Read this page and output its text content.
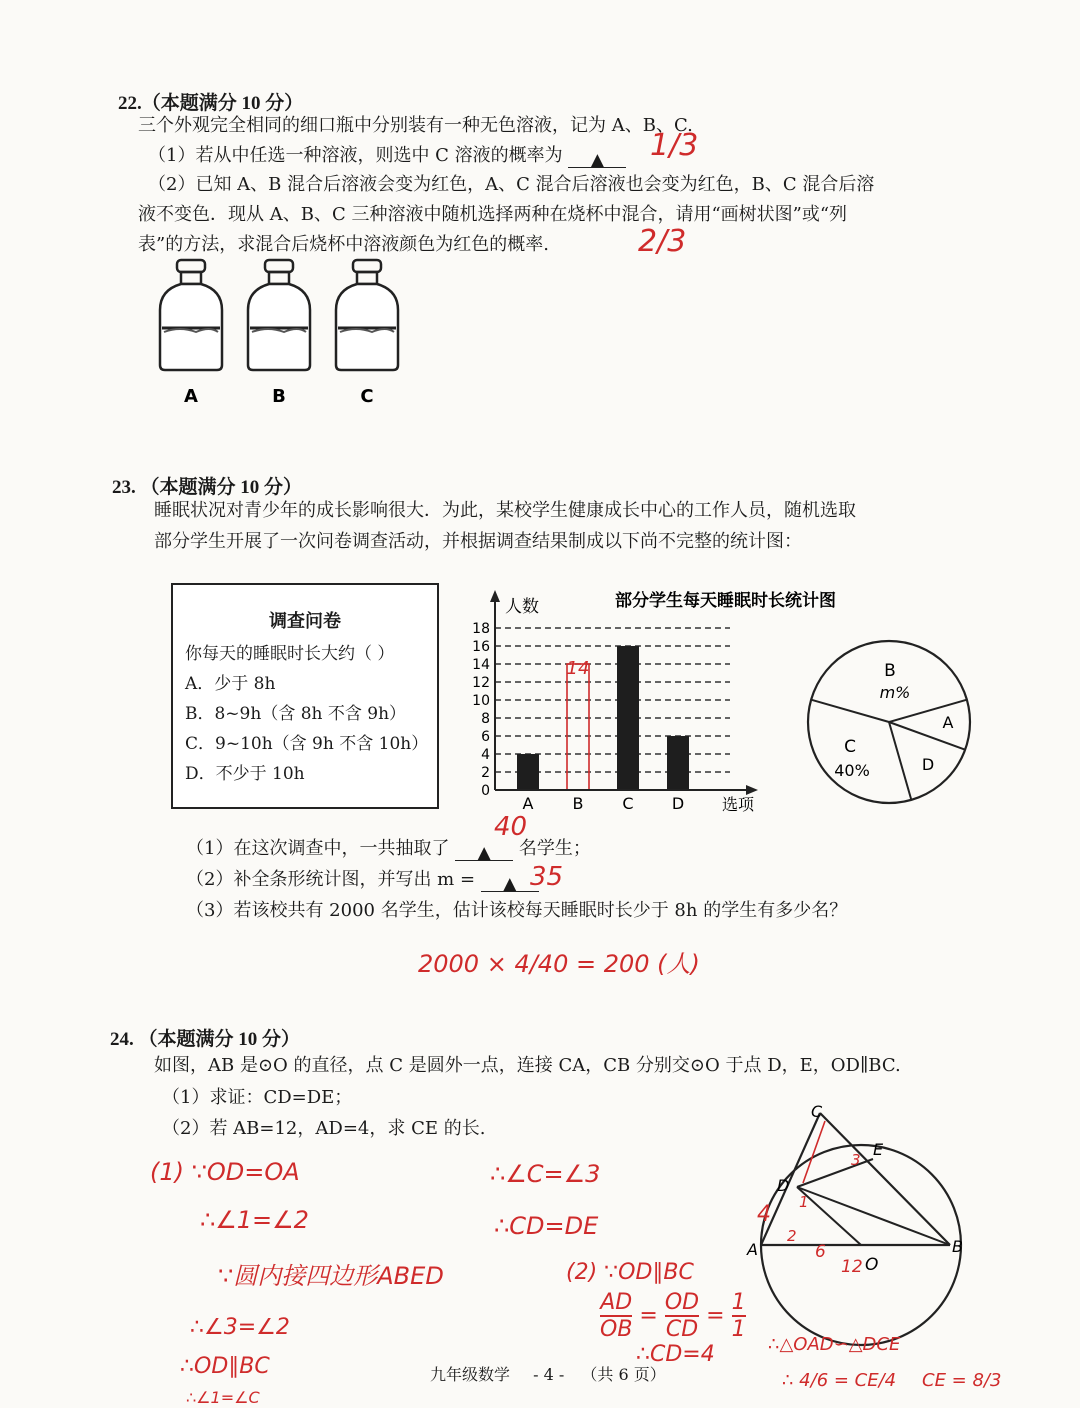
22.（本题满分 10 分）
三个外观完全相同的细口瓶中分别装有一种无色溶液，记为 A、B、C.
（1）若从中任选一种溶液，则选中 C 溶液的概率为 ▲	1/3
（2）已知 A、B 混合后溶液会变为红色，A、C 混合后溶液也会变为红色，B、C 混合后溶
液不变色．现从 A、B、C 三种溶液中随机选择两种在烧杯中混合，请用“画树状图”或“列
表”的方法，求混合后烧杯中溶液颜色为红色的概率.	2/3
A	B	C
23. （本题满分 10 分）
睡眠状况对青少年的成长影响很大．为此，某校学生健康成长中心的工作人员，随机选取
部分学生开展了一次问卷调查活动，并根据调查结果制成以下尚不完整的统计图：
调查问卷
你每天的睡眠时长大约（ ）
A．少于 8h
B．8~9h（含 8h 不含 9h）
C．9~10h（含 9h 不含 10h）
D．不少于 10h
部分学生每天睡眠时长统计图
人数
选项
14
0
2
4
6
8
10
12
14
16
18
A B C D
B
m%
A
C
40%	D
（1）在这次调查中，一共抽取了 ▲ 名学生；
40
（2）补全条形统计图，并写出 m = ▲ 35
（3）若该校共有 2000 名学生，估计该校每天睡眠时长少于 8h 的学生有多少名？
2000 × 4/40 = 200 (人)
24. （本题满分 10 分）
如图，AB 是⊙O 的直径，点 C 是圆外一点，连接 CA，CB 分别交⊙O 于点 D，E，OD∥BC.
（1）求证：CD=DE；
（2）若 AB=12，AD=4，求 CE 的长.
C
E
D
A	B
O
3
1
2
4
6
12
(1) ∵OD=OA
∴∠1=∠2
∵圆内接四边形ABED
∴∠3=∠2
∴OD∥BC
∴∠1=∠C
∴∠C=∠3
∴CD=DE
(2) ∵OD∥BC
$\frac{AD}{OB} = \frac{OD}{CD} = \frac{1}{1}$
∴CD=4	∴△OAD∽△DCE
∴ 4/6 = CE/4 CE = 8/3
九年级数学 - 4 - （共 6 页）
